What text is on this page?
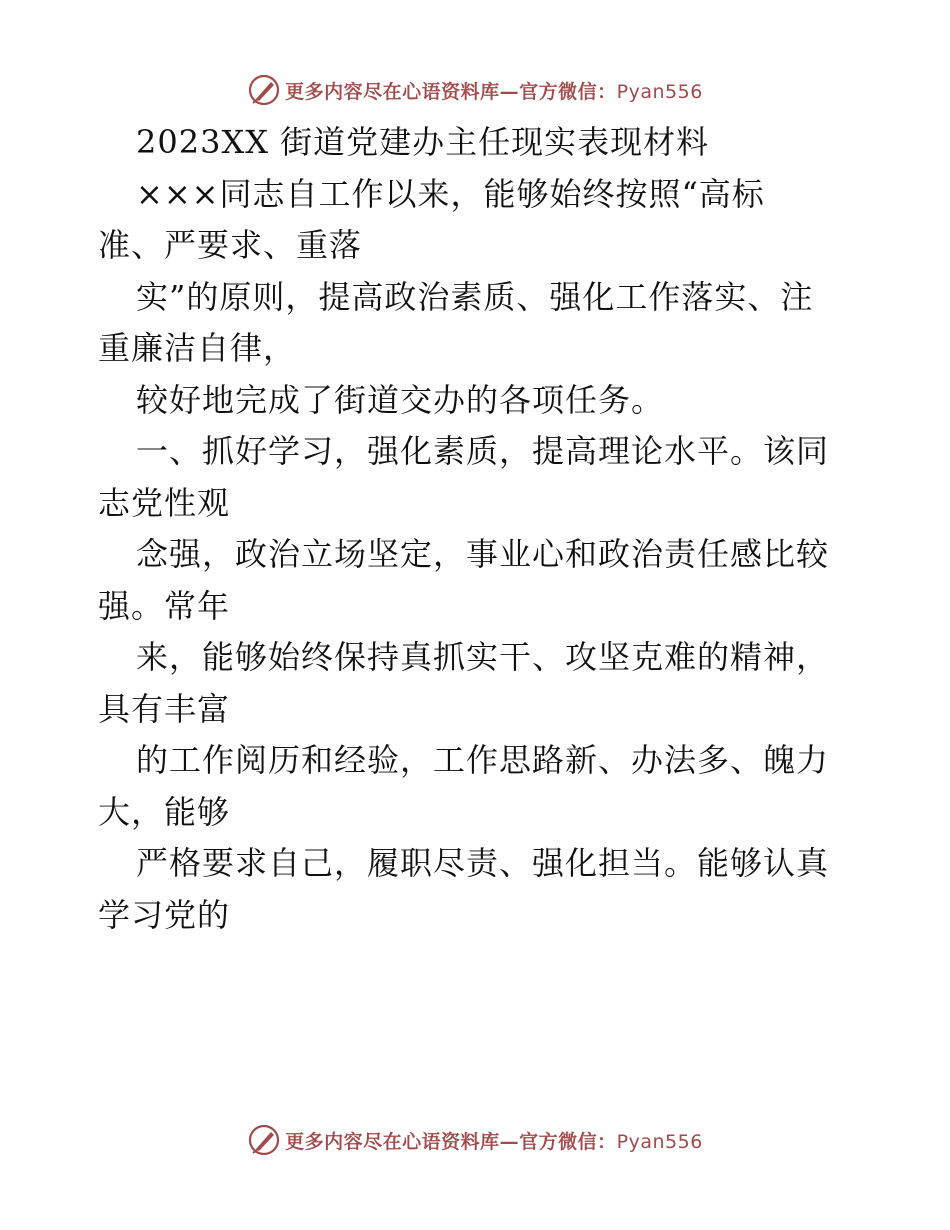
更多内容尽在心语资料库—官方微信：Pyan556
2023XX 街道党建办主任现实表现材料
×××同志自工作以来，能够始终按照“高标
准、严要求、重落
实”的原则，提高政治素质、强化工作落实、注
重廉洁自律，
较好地完成了街道交办的各项任务。
一、抓好学习，强化素质，提高理论水平。该同
志党性观
念强，政治立场坚定，事业心和政治责任感比较
强。常年
来，能够始终保持真抓实干、攻坚克难的精神，
具有丰富
的工作阅历和经验，工作思路新、办法多、魄力
大，能够
严格要求自己，履职尽责、强化担当。能够认真
学习党的
更多内容尽在心语资料库—官方微信：Pyan556
